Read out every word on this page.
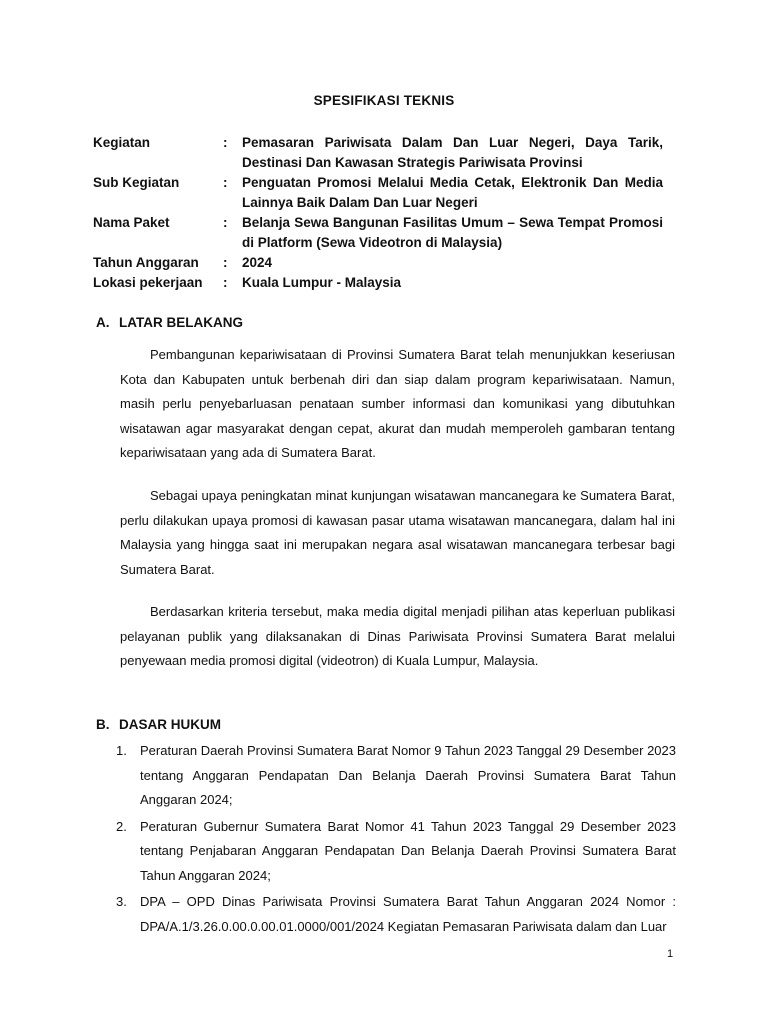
SPESIFIKASI TEKNIS
Kegiatan	:	Pemasaran Pariwisata Dalam Dan Luar Negeri, Daya Tarik, Destinasi Dan Kawasan Strategis Pariwisata Provinsi
Sub Kegiatan	:	Penguatan Promosi Melalui Media Cetak, Elektronik Dan Media Lainnya Baik Dalam Dan Luar Negeri
Nama Paket	:	Belanja Sewa Bangunan Fasilitas Umum – Sewa Tempat Promosi di Platform (Sewa Videotron di Malaysia)
Tahun Anggaran	:	2024
Lokasi pekerjaan	:	Kuala Lumpur - Malaysia
A. LATAR BELAKANG
Pembangunan kepariwisataan di Provinsi Sumatera Barat telah menunjukkan keseriusan Kota dan Kabupaten untuk berbenah diri dan siap dalam program kepariwisataan. Namun, masih perlu penyebarluasan penataan sumber informasi dan komunikasi yang dibutuhkan wisatawan agar masyarakat dengan cepat, akurat dan mudah memperoleh gambaran tentang kepariwisataan yang ada di Sumatera Barat.
Sebagai upaya peningkatan minat kunjungan wisatawan mancanegara ke Sumatera Barat, perlu dilakukan upaya promosi di kawasan pasar utama wisatawan mancanegara, dalam hal ini Malaysia yang hingga saat ini merupakan negara asal wisatawan mancanegara terbesar bagi Sumatera Barat.
Berdasarkan kriteria tersebut, maka media digital menjadi pilihan atas keperluan publikasi pelayanan publik yang dilaksanakan di Dinas Pariwisata Provinsi Sumatera Barat melalui penyewaan media promosi digital (videotron) di Kuala Lumpur, Malaysia.
B. DASAR HUKUM
1.	Peraturan Daerah Provinsi Sumatera Barat Nomor 9 Tahun 2023 Tanggal 29 Desember 2023 tentang Anggaran Pendapatan Dan Belanja Daerah Provinsi Sumatera Barat Tahun Anggaran 2024;
2.	Peraturan Gubernur Sumatera Barat Nomor 41 Tahun 2023 Tanggal 29 Desember 2023 tentang Penjabaran Anggaran Pendapatan Dan Belanja Daerah Provinsi Sumatera Barat Tahun Anggaran 2024;
3.	DPA – OPD Dinas Pariwisata Provinsi Sumatera Barat Tahun Anggaran 2024 Nomor : DPA/A.1/3.26.0.00.0.00.01.0000/001/2024 Kegiatan Pemasaran Pariwisata dalam dan Luar
1
